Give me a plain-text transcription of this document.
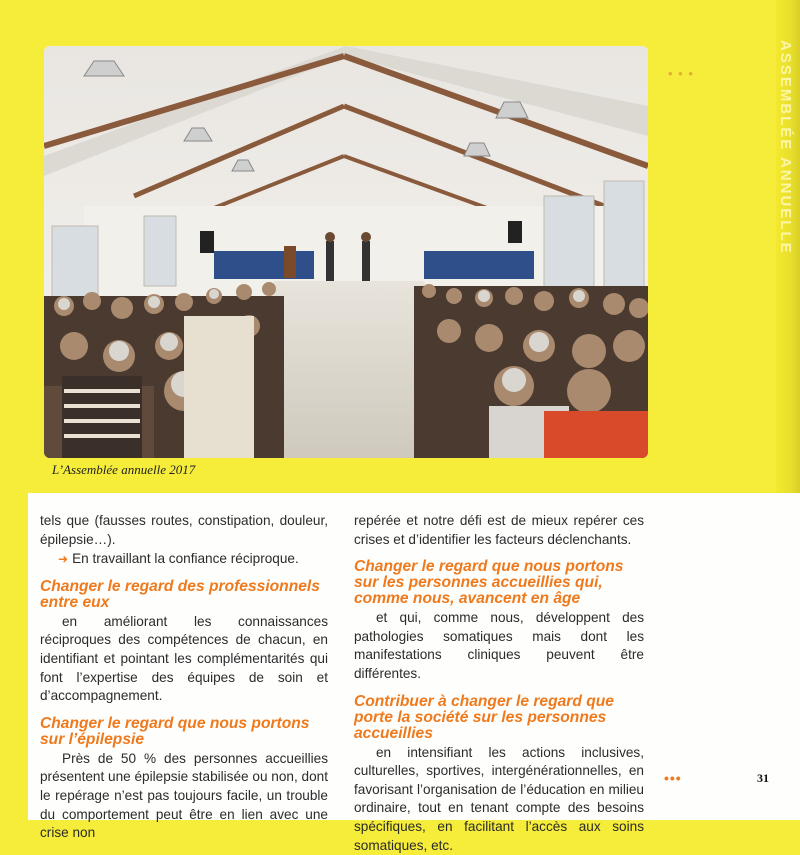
ASSEMBLÉE ANNUELLE
• • •
L’Assemblée annuelle 2017

tels que (fausses routes, constipation, douleur, épilepsie…).

➜ En travaillant la confiance réciproque.

Changer le regard des professionnels entre eux

en améliorant les connaissances réciproques des compétences de chacun, en identifiant et pointant les complémentarités qui font l’expertise des équipes de soin et d’accompagnement.

Changer le regard que nous portons sur l’épilepsie

Près de 50 % des personnes accueillies présentent une épilepsie stabilisée ou non, dont le repérage n’est pas toujours facile, un trouble du comportement peut être en lien avec une crise non

repérée et notre défi est de mieux repérer ces crises et d’identifier les facteurs déclenchants.

Changer le regard que nous portons sur les personnes accueillies qui, comme nous, avancent en âge

et qui, comme nous, développent des pathologies somatiques mais dont les manifestations cliniques peuvent être différentes.

Contribuer à changer le regard que porte la société sur les personnes accueillies

en intensifiant les actions inclusives, culturelles, sportives, intergénérationnelles, en favorisant l’organisation de l’éducation en milieu ordinaire, tout en tenant compte des besoins spécifiques, en facilitant l’accès aux soins somatiques, etc.

•••	31
